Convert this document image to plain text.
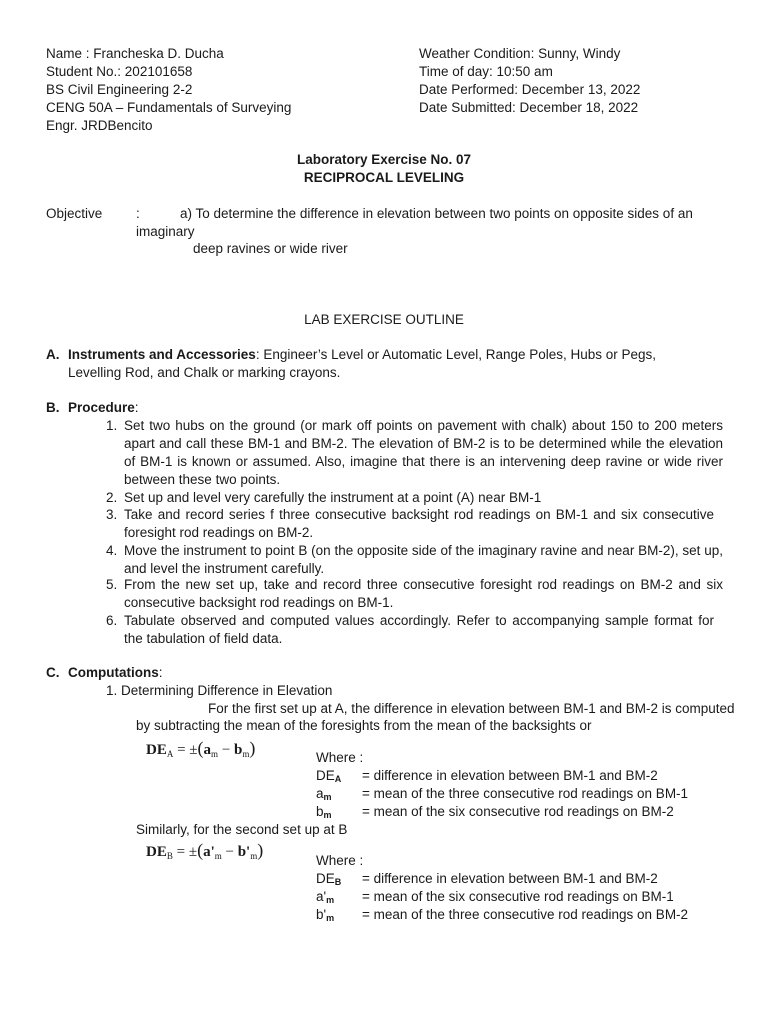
Name : Francheska D. Ducha
Student No.: 202101658
BS Civil Engineering 2-2
CENG 50A – Fundamentals of Surveying
Engr. JRDBencito
Weather Condition: Sunny, Windy
Time of day: 10:50 am
Date Performed: December 13, 2022
Date Submitted: December 18, 2022
Laboratory Exercise No. 07
RECIPROCAL LEVELING
Objective :	a) To determine the difference in elevation between two points on opposite sides of an
imaginary
deep ravines or wide river
LAB EXERCISE OUTLINE
A. Instruments and Accessories: Engineer’s Level or Automatic Level, Range Poles, Hubs or Pegs,
Levelling Rod, and Chalk or marking crayons.
B. Procedure:
1. Set two hubs on the ground (or mark off points on pavement with chalk) about 150 to 200 meters apart and call these BM-1 and BM-2. The elevation of BM-2 is to be determined while the elevation of BM-1 is known or assumed. Also, imagine that there is an intervening deep ravine or wide river between these two points.
2. Set up and level very carefully the instrument at a point (A) near BM-1
3. Take and record series f three consecutive backsight rod readings on BM-1 and six consecutive foresight rod readings on BM-2.
4. Move the instrument to point B (on the opposite side of the imaginary ravine and near BM-2), set up, and level the instrument carefully.
5. From the new set up, take and record three consecutive foresight rod readings on BM-2 and six consecutive backsight rod readings on BM-1.
6. Tabulate observed and computed values accordingly. Refer to accompanying sample format for the tabulation of field data.
C. Computations:
1. Determining Difference in Elevation
For the first set up at A, the difference in elevation between BM-1 and BM-2 is computed
by subtracting the mean of the foresights from the mean of the backsights or
$DE_A = \pm(a_m - b_m)$	Where :
DEA = difference in elevation between BM-1 and BM-2
am = mean of the three consecutive rod readings on BM-1
bm = mean of the six consecutive rod readings on BM-2
Similarly, for the second set up at B
$DE_B = \pm(a'_m - b'_m)$
Where :
DEB = difference in elevation between BM-1 and BM-2
a'm = mean of the six consecutive rod readings on BM-1
b'm = mean of the three consecutive rod readings on BM-2
